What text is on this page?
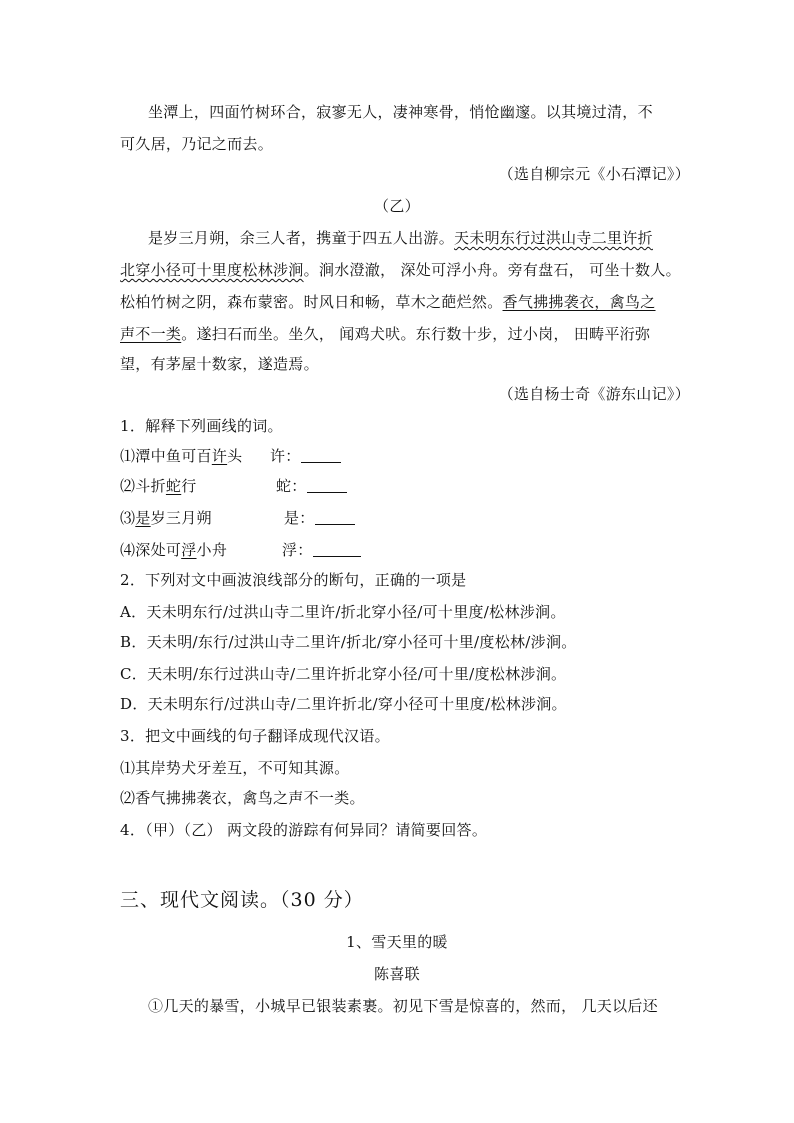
坐潭上，四面竹树环合，寂寥无人，凄神寒骨，悄怆幽邃。以其境过清，不
可久居，乃记之而去。
（选自柳宗元《小石潭记》）
（乙）
是岁三月朔，余三人者，携童于四五人出游。天未明东行过洪山寺二里许折
北穿小径可十里度松林涉涧。涧水澄澈， 深处可浮小舟。旁有盘石， 可坐十数人。
松柏竹树之阴，森布蒙密。时风日和畅，草木之葩烂然。香气拂拂袭衣，禽鸟之
声不一类。遂扫石而坐。坐久， 闻鸡犬吠。东行数十步，过小岗， 田畴平洐弥
望，有茅屋十数家，遂造焉。
（选自杨士奇《游东山记》）
1．解释下列画线的词。
⑴潭中鱼可百许头 许：
⑵斗折蛇行	蛇：
⑶是岁三月朔	是：
⑷深处可浮小舟	浮：
2．下列对文中画波浪线部分的断句，正确的一项是
A．天未明东行/过洪山寺二里许/折北穿小径/可十里度/松林涉涧。
B．天未明/东行/过洪山寺二里许/折北/穿小径可十里/度松林/涉涧。
C．天未明/东行过洪山寺/二里许折北穿小径/可十里/度松林涉涧。
D．天未明东行/过洪山寺/二里许折北/穿小径可十里度/松林涉涧。
3．把文中画线的句子翻译成现代汉语。
⑴其岸势犬牙差互，不可知其源。
⑵香气拂拂袭衣，禽鸟之声不一类。
4．（甲）（乙） 两文段的游踪有何异同？请简要回答。
三、现代文阅读。（30 分）
1、雪天里的暖
陈喜联
①几天的暴雪，小城早已银装素裹。初见下雪是惊喜的，然而， 几天以后还
